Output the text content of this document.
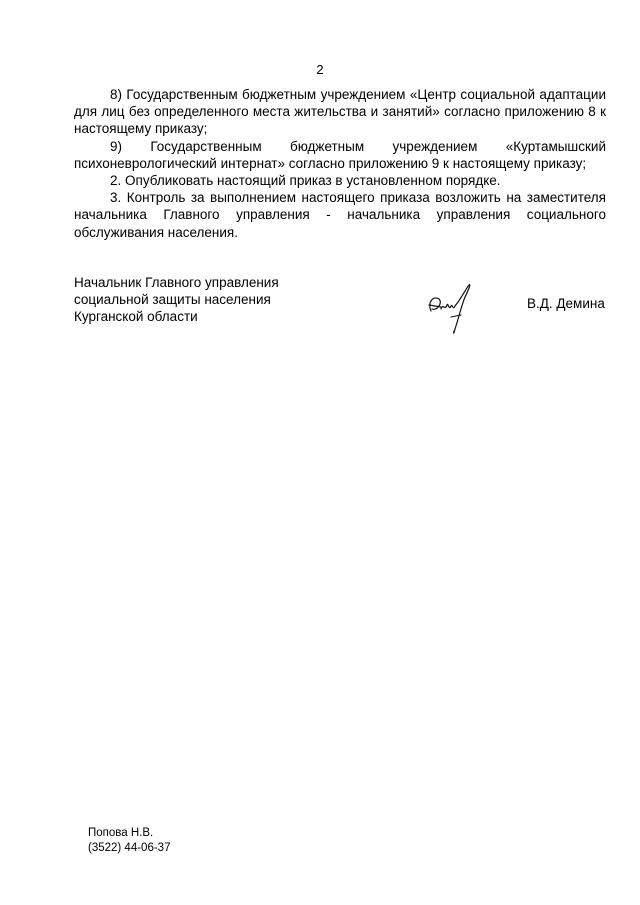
2

8) Государственным бюджетным учреждением «Центр социальной адаптации для лиц без определенного места жительства и занятий» согласно приложению 8 к настоящему приказу;

9) Государственным бюджетным учреждением «Куртамышский психоневрологический интернат» согласно приложению 9 к настоящему приказу;

2. Опубликовать настоящий приказ в установленном порядке.

3. Контроль за выполнением настоящего приказа возложить на заместителя начальника Главного управления - начальника управления социального обслуживания населения.

Начальник Главного управления
социальной защиты населения
Курганской области
В.Д. Демина
Попова Н.В.
(3522) 44-06-37
